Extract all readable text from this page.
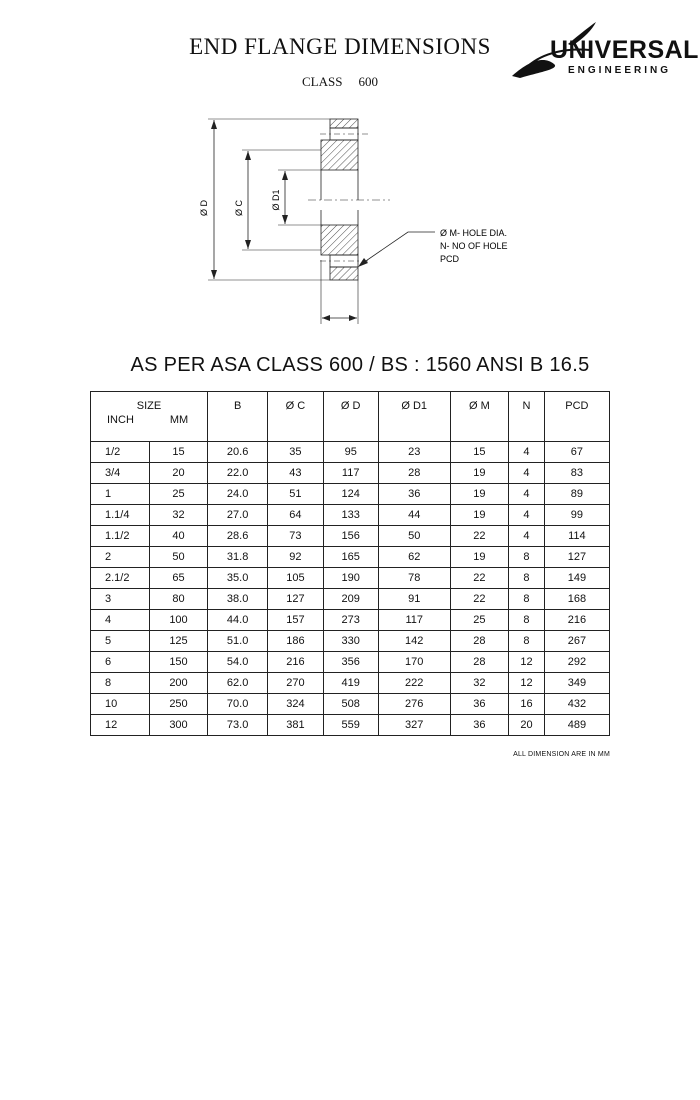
END FLANGE DIMENSIONS
CLASS 600
UNIVERSAL
ENGINEERING
Ø D	Ø C	Ø D1
Ø M- HOLE DIA.
N- NO OF HOLE
PCD
AS PER ASA CLASS 600 / BS : 1560 ANSI B 16.5
SIZE
INCH MM		B	Ø C	Ø D	Ø D1	Ø M	N	PCD
1/2	15	20.6	35	95	23	15	4	67
3/4	20	22.0	43	117	28	19	4	83
1	25	24.0	51	124	36	19	4	89
1.1/4	32	27.0	64	133	44	19	4	99
1.1/2	40	28.6	73	156	50	22	4	114
2	50	31.8	92	165	62	19	8	127
2.1/2	65	35.0	105	190	78	22	8	149
3	80	38.0	127	209	91	22	8	168
4	100	44.0	157	273	117	25	8	216
5	125	51.0	186	330	142	28	8	267
6	150	54.0	216	356	170	28	12	292
8	200	62.0	270	419	222	32	12	349
10	250	70.0	324	508	276	36	16	432
12	300	73.0	381	559	327	36	20	489
ALL DIMENSION ARE IN MM
